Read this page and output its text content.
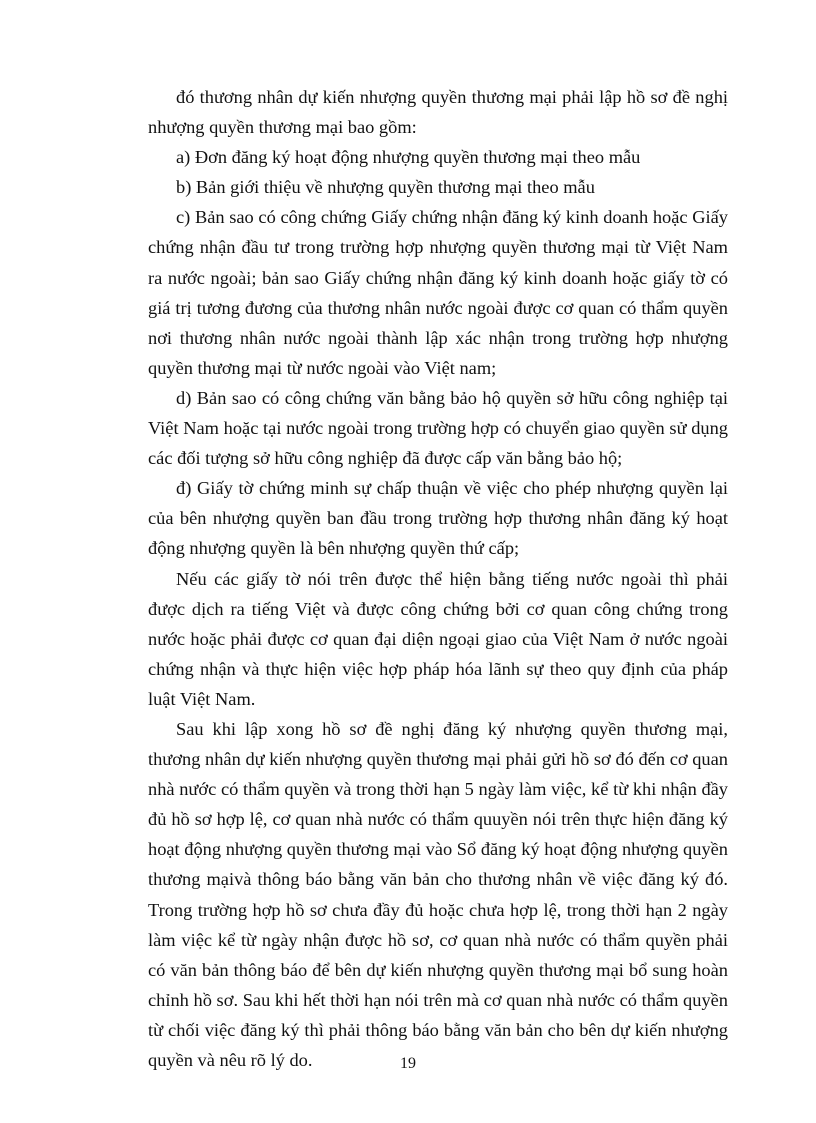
đó thương nhân dự kiến nhượng quyền thương mại phải lập hồ sơ đề nghị nhượng quyền thương mại bao gồm:

a) Đơn đăng ký hoạt động nhượng quyền thương mại theo mẫu

b) Bản giới thiệu về nhượng quyền thương mại theo mẫu

c) Bản sao có công chứng Giấy chứng nhận đăng ký kinh doanh hoặc Giấy chứng nhận đầu tư trong trường hợp nhượng quyền thương mại từ Việt Nam ra nước ngoài; bản sao Giấy chứng nhận đăng ký kinh doanh hoặc giấy tờ có giá trị tương đương của thương nhân nước ngoài được cơ quan có thẩm quyền nơi thương nhân nước ngoài thành lập xác nhận trong trường hợp nhượng quyền thương mại từ nước ngoài vào Việt nam;

d) Bản sao có công chứng văn bằng bảo hộ quyền sở hữu công nghiệp tại Việt Nam hoặc tại nước ngoài trong trường hợp có chuyển giao quyền sử dụng các đối tượng sở hữu công nghiệp đã được cấp văn bằng bảo hộ;

đ) Giấy tờ chứng minh sự chấp thuận về việc cho phép nhượng quyền lại của bên nhượng quyền ban đầu trong trường hợp thương nhân đăng ký hoạt động nhượng quyền là bên nhượng quyền thứ cấp;

Nếu các giấy tờ nói trên được thể hiện bằng tiếng nước ngoài thì phải được dịch ra tiếng Việt và được công chứng bởi cơ quan công chứng trong nước hoặc phải được cơ quan đại diện ngoại giao của Việt Nam ở nước ngoài chứng nhận và thực hiện việc hợp pháp hóa lãnh sự theo quy định của pháp luật Việt Nam.

Sau khi lập xong hồ sơ đề nghị đăng ký nhượng quyền thương mại, thương nhân dự kiến nhượng quyền thương mại phải gửi hồ sơ đó đến cơ quan nhà nước có thẩm quyền và trong thời hạn 5 ngày làm việc, kể từ khi nhận đầy đủ hồ sơ hợp lệ, cơ quan nhà nước có thẩm quuyền nói trên thực hiện đăng ký hoạt động nhượng quyền thương mại vào Sổ đăng ký hoạt động nhượng quyền thương mạivà thông báo bằng văn bản cho thương nhân về việc đăng ký đó. Trong trường hợp hồ sơ chưa đầy đủ hoặc chưa hợp lệ, trong thời hạn 2 ngày làm việc kể từ ngày nhận được hồ sơ, cơ quan nhà nước có thẩm quyền phải có văn bản thông báo để bên dự kiến nhượng quyền thương mại bổ sung hoàn chỉnh hồ sơ. Sau khi hết thời hạn nói trên mà cơ quan nhà nước có thẩm quyền từ chối việc đăng ký thì phải thông báo bằng văn bản cho bên dự kiến nhượng quyền và nêu rõ lý do.	19
